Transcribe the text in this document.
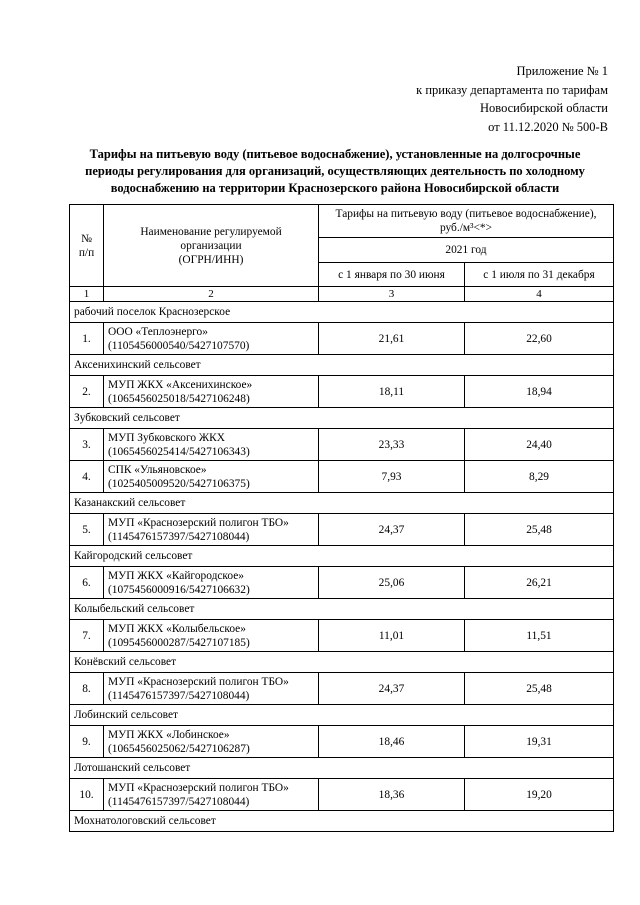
Приложение № 1
к приказу департамента по тарифам
Новосибирской области
от 11.12.2020 № 500-В
Тарифы на питьевую воду (питьевое водоснабжение), установленные на долгосрочные
периоды регулирования для организаций, осуществляющих деятельность по холодному
водоснабжению на территории Краснозерского района Новосибирской области
№
п/п	Наименование регулируемой
организации
(ОГРН/ИНН)	Тарифы на питьевую воду (питьевое водоснабжение),
руб./м³<*>	
		2021 год	
		с 1 января по 30 июня	с 1 июля по 31 декабря
1	2	3	4
рабочий поселок Краснозерское			
1.	ООО «Теплоэнерго»
(1105456000540/5427107570)	21,61	22,60
Аксенихинский сельсовет			
2.	МУП ЖКХ «Аксенихинское»
(1065456025018/5427106248)	18,11	18,94
Зубковский сельсовет			
3.	МУП Зубковского ЖКХ
(1065456025414/5427106343)	23,33	24,40
4.	СПК «Ульяновское»
(1025405009520/5427106375)	7,93	8,29
Казанакский сельсовет			
5.	МУП «Краснозерский полигон ТБО»
(1145476157397/5427108044)	24,37	25,48
Кайгородский сельсовет			
6.	МУП ЖКХ «Кайгородское»
(1075456000916/5427106632)	25,06	26,21
Колыбельский сельсовет			
7.	МУП ЖКХ «Колыбельское»
(1095456000287/5427107185)	11,01	11,51
Конёвский сельсовет			
8.	МУП «Краснозерский полигон ТБО»
(1145476157397/5427108044)	24,37	25,48
Лобинский сельсовет			
9.	МУП ЖКХ «Лобинское»
(1065456025062/5427106287)	18,46	19,31
Лотошанский сельсовет			
10.	МУП «Краснозерский полигон ТБО»
(1145476157397/5427108044)	18,36	19,20
Мохнатологовский сельсовет			
